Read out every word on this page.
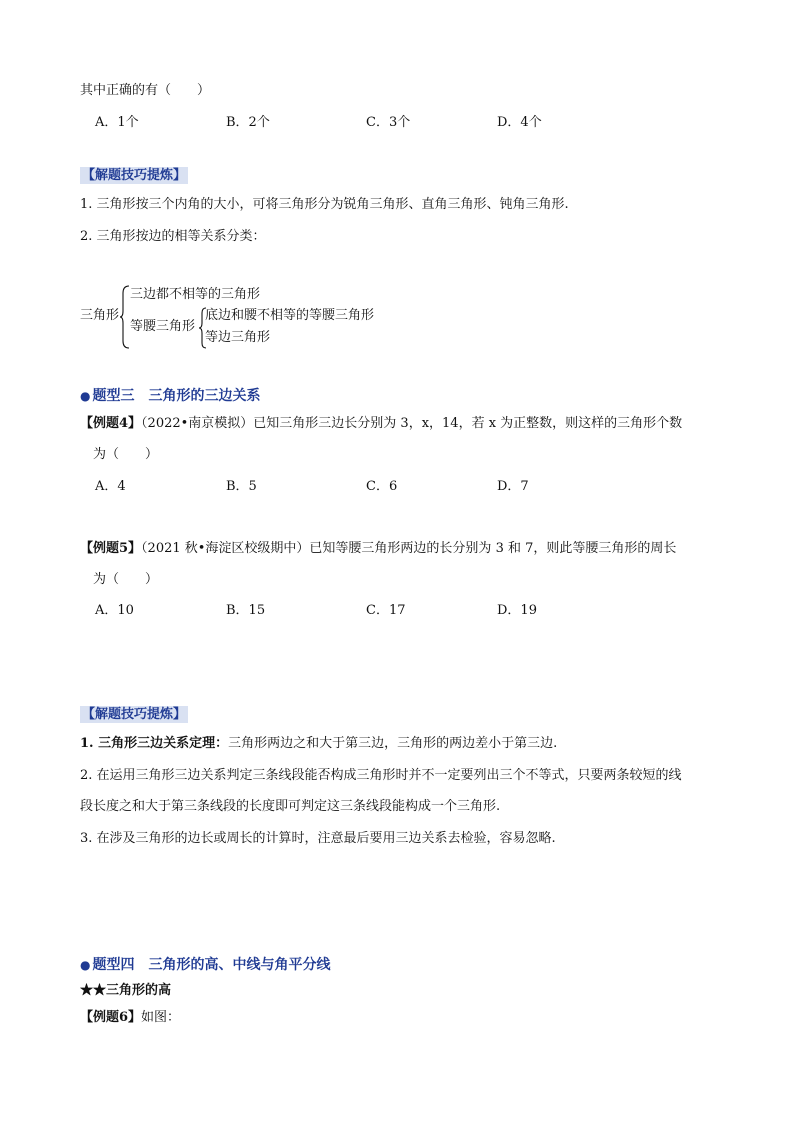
其中正确的有（　　）
A．1个	B．2个	C．3个	D．4个
【解题技巧提炼】
1. 三角形按三个内角的大小，可将三角形分为锐角三角形、直角三角形、钝角三角形.
2. 三角形按边的相等关系分类：
三角形
三边都不相等的三角形
等腰三角形
底边和腰不相等的等腰三角形
等边三角形
● 题型三 三角形的三边关系
【例题4】（2022•南京模拟）已知三角形三边长分别为 3，x，14，若 x 为正整数，则这样的三角形个数
为（　　）
A．4	B．5	C．6	D．7
【例题5】（2021 秋•海淀区校级期中）已知等腰三角形两边的长分别为 3 和 7，则此等腰三角形的周长
为（　　）
A．10	B．15	C．17	D．19
【解题技巧提炼】
1. 三角形三边关系定理：三角形两边之和大于第三边，三角形的两边差小于第三边.
2. 在运用三角形三边关系判定三条线段能否构成三角形时并不一定要列出三个不等式，只要两条较短的线
段长度之和大于第三条线段的长度即可判定这三条线段能构成一个三角形.
3. 在涉及三角形的边长或周长的计算时，注意最后要用三边关系去检验，容易忽略.
● 题型四 三角形的高、中线与角平分线
★★三角形的高
【例题6】如图：
